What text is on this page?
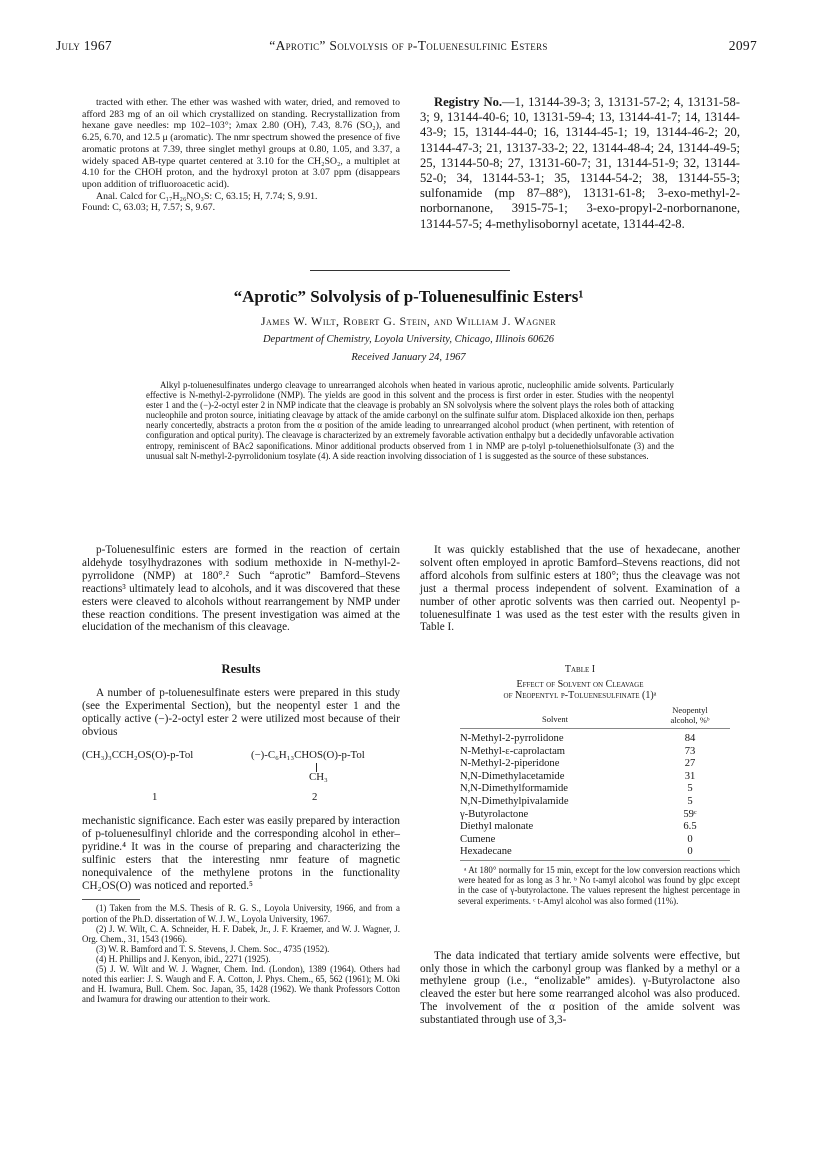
July 1967	“Aprotic” Solvolysis of p-Toluenesulfinic Esters	2097

tracted with ether. The ether was washed with water, dried, and removed to afford 283 mg of an oil which crystallized on standing. Recrystallization from hexane gave needles: mp 102–103°; λmax 2.80 (OH), 7.43, 8.76 (SO₂), and 6.25, 6.70, and 12.5 μ (aromatic). The nmr spectrum showed the presence of five aromatic protons at 7.39, three singlet methyl groups at 0.80, 1.05, and 3.37, a widely spaced AB-type quartet centered at 3.10 for the CH₂SO₂, a multiplet at 4.10 for the CHOH proton, and the hydroxyl proton at 3.07 ppm (disappears upon addition of trifluoroacetic acid).

Anal. Calcd for C₁₇H₂₆NO₃S: C, 63.15; H, 7.74; S, 9.91.

Found: C, 63.03; H, 7.57; S, 9.67.

Registry No.—1, 13144-39-3; 3, 13131-57-2; 4, 13131-58-3; 9, 13144-40-6; 10, 13131-59-4; 13, 13144-41-7; 14, 13144-43-9; 15, 13144-44-0; 16, 13144-45-1; 19, 13144-46-2; 20, 13144-47-3; 21, 13137-33-2; 22, 13144-48-4; 24, 13144-49-5; 25, 13144-50-8; 27, 13131-60-7; 31, 13144-51-9; 32, 13144-52-0; 34, 13144-53-1; 35, 13144-54-2; 38, 13144-55-3; sulfonamide (mp 87–88°), 13131-61-8; 3-exo-methyl-2-norbornanone, 3915-75-1; 3-exo-propyl-2-norbornanone, 13144-57-5; 4-methylisobornyl acetate, 13144-42-8.

“Aprotic” Solvolysis of p-Toluenesulfinic Esters¹
James W. Wilt, Robert G. Stein, and William J. Wagner
Department of Chemistry, Loyola University, Chicago, Illinois 60626
Received January 24, 1967

Alkyl p-toluenesulfinates undergo cleavage to unrearranged alcohols when heated in various aprotic, nucleophilic amide solvents. Particularly effective is N-methyl-2-pyrrolidone (NMP). The yields are good in this solvent and the process is first order in ester. Studies with the neopentyl ester 1 and the (−)-2-octyl ester 2 in NMP indicate that the cleavage is probably an SN solvolysis where the solvent plays the roles both of attacking nucleophile and proton source, initiating cleavage by attack of the amide carbonyl on the sulfinate sulfur atom. Displaced alkoxide ion then, perhaps nearly concertedly, abstracts a proton from the α position of the amide leading to unrearranged alcohol product (when pertinent, with retention of configuration and optical purity). The cleavage is characterized by an extremely favorable activation enthalpy but a decidedly unfavorable activation entropy, reminiscent of BAc2 saponifications. Minor additional products observed from 1 in NMP are p-tolyl p-toluenethiolsulfonate (3) and the unusual salt N-methyl-2-pyrrolidonium tosylate (4). A side reaction involving dissociation of 1 is suggested as the source of these substances.

p-Toluenesulfinic esters are formed in the reaction of certain aldehyde tosylhydrazones with sodium methoxide in N-methyl-2-pyrrolidone (NMP) at 180°.² Such “aprotic” Bamford–Stevens reactions³ ultimately lead to alcohols, and it was discovered that these esters were cleaved to alcohols without rearrangement by NMP under these reaction conditions. The present investigation was aimed at the elucidation of the mechanism of this cleavage.

Results

A number of p-toluenesulfinate esters were prepared in this study (see the Experimental Section), but the neopentyl ester 1 and the optically active (−)-2-octyl ester 2 were utilized most because of their obvious

(CH₃)₃CCH₂OS(O)-p-Tol	(−)-C₆H₁₃CHOS(O)-p-Tol
CH₃
1	2

mechanistic significance. Each ester was easily prepared by interaction of p-toluenesulfinyl chloride and the corresponding alcohol in ether–pyridine.⁴ It was in the course of preparing and characterizing the sulfinic esters that the interesting nmr feature of magnetic nonequivalence of the methylene protons in the functionality CH₂OS(O) was noticed and reported.⁵

(1) Taken from the M.S. Thesis of R. G. S., Loyola University, 1966, and from a portion of the Ph.D. dissertation of W. J. W., Loyola University, 1967.

(2) J. W. Wilt, C. A. Schneider, H. F. Dabek, Jr., J. F. Kraemer, and W. J. Wagner, J. Org. Chem., 31, 1543 (1966).

(3) W. R. Bamford and T. S. Stevens, J. Chem. Soc., 4735 (1952).

(4) H. Phillips and J. Kenyon, ibid., 2271 (1925).

(5) J. W. Wilt and W. J. Wagner, Chem. Ind. (London), 1389 (1964). Others had noted this earlier: J. S. Waugh and F. A. Cotton, J. Phys. Chem., 65, 562 (1961); M. Oki and H. Iwamura, Bull. Chem. Soc. Japan, 35, 1428 (1962). We thank Professors Cotton and Iwamura for drawing our attention to their work.

It was quickly established that the use of hexadecane, another solvent often employed in aprotic Bamford–Stevens reactions, did not afford alcohols from sulfinic esters at 180°; thus the cleavage was not just a thermal process independent of solvent. Examination of a number of other aprotic solvents was then carried out. Neopentyl p-toluenesulfinate 1 was used as the test ester with the results given in Table I.

Table I
Effect of Solvent on Cleavage
of Neopentyl p-Toluenesulfinate (1)ᵃ
Solvent
Neopentyl
alcohol, %ᵇ
N-Methyl-2-pyrrolidone	84
N-Methyl-ε-caprolactam	73
N-Methyl-2-piperidone	27
N,N-Dimethylacetamide	31
N,N-Dimethylformamide	5
N,N-Dimethylpivalamide	5
γ-Butyrolactone	59ᶜ
Diethyl malonate	6.5
Cumene	0
Hexadecane	0

ᵃ At 180° normally for 15 min, except for the low conversion reactions which were heated for as long as 3 hr. ᵇ No t-amyl alcohol was found by glpc except in the case of γ-butyrolactone. The values represent the highest percentage in several experiments. ᶜ t-Amyl alcohol was also formed (11%).

The data indicated that tertiary amide solvents were effective, but only those in which the carbonyl group was flanked by a methyl or a methylene group (i.e., “enolizable” amides). γ-Butyrolactone also cleaved the ester but here some rearranged alcohol was also produced. The involvement of the α position of the amide solvent was substantiated through use of 3,3-
